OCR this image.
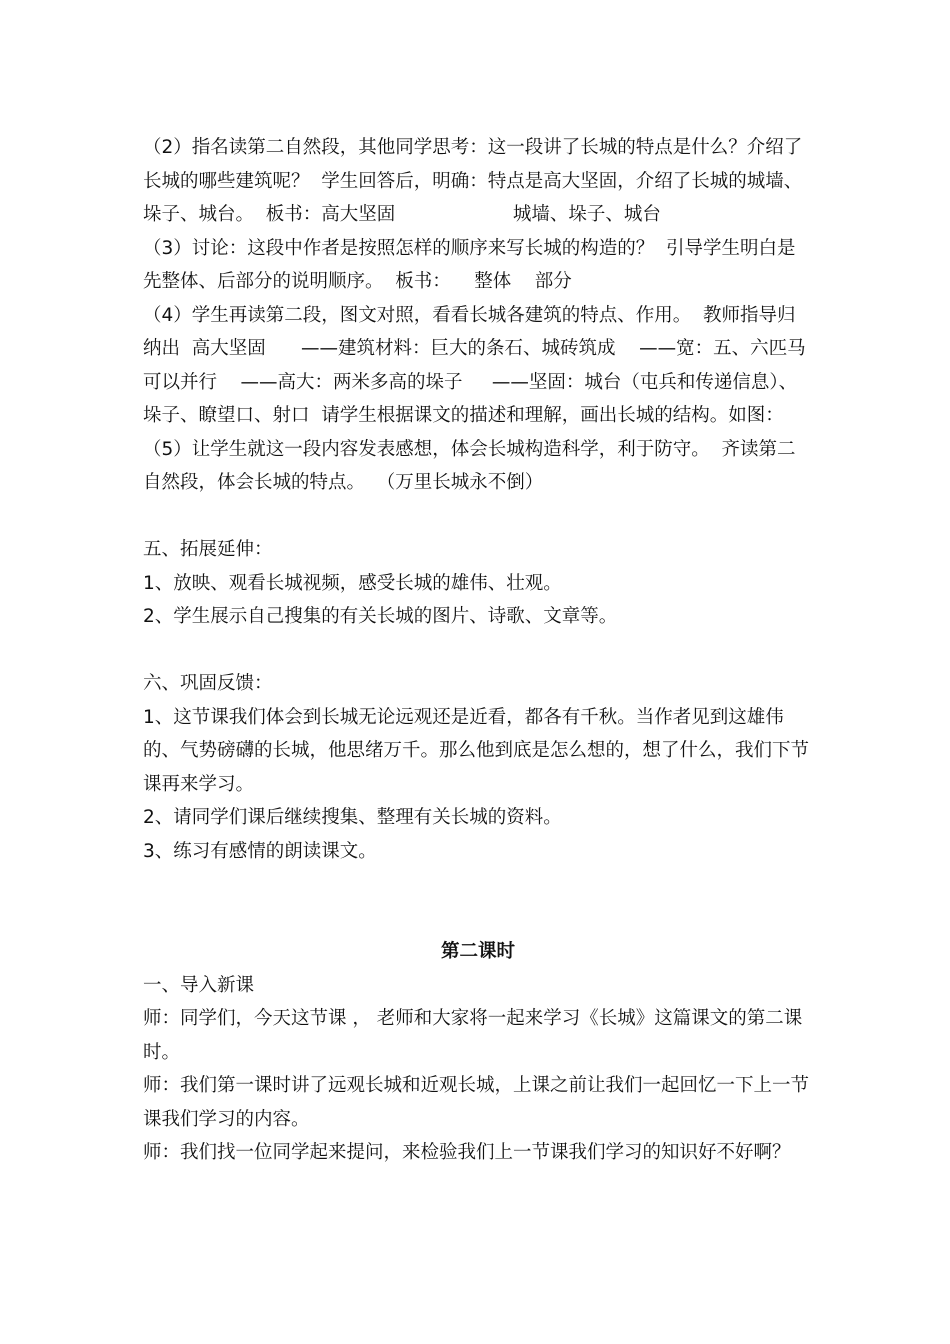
（2）指名读第二自然段，其他同学思考：这一段讲了长城的特点是什么？介绍了长城的哪些建筑呢？  学生回答后，明确：特点是高大坚固，介绍了长城的城墙、垛子、城台。  板书：高大坚固                    城墙、垛子、城台

（3）讨论：这段中作者是按照怎样的顺序来写长城的构造的？  引导学生明白是先整体、后部分的说明顺序。  板书：    整体    部分

（4）学生再读第二段，图文对照，看看长城各建筑的特点、作用。  教师指导归纳出  高大坚固      ——建筑材料：巨大的条石、城砖筑成    ——宽：五、六匹马可以并行    ——高大：两米多高的垛子     ——坚固：城台（屯兵和传递信息）、垛子、瞭望口、射口  请学生根据课文的描述和理解，画出长城的结构。如图：

（5）让学生就这一段内容发表感想，体会长城构造科学，利于防守。  齐读第二自然段，体会长城的特点。  （万里长城永不倒）

五、拓展延伸：

1、放映、观看长城视频，感受长城的雄伟、壮观。

2、学生展示自己搜集的有关长城的图片、诗歌、文章等。

六、巩固反馈：

1、这节课我们体会到长城无论远观还是近看，都各有千秋。当作者见到这雄伟的、气势磅礴的长城，他思绪万千。那么他到底是怎么想的，想了什么，我们下节课再来学习。

2、请同学们课后继续搜集、整理有关长城的资料。

3、练习有感情的朗读课文。

第二课时

一、导入新课

师：同学们，今天这节课 ， 老师和大家将一起来学习《长城》这篇课文的第二课时。

师：我们第一课时讲了远观长城和近观长城，上课之前让我们一起回忆一下上一节课我们学习的内容。

师：我们找一位同学起来提问，来检验我们上一节课我们学习的知识好不好啊？
